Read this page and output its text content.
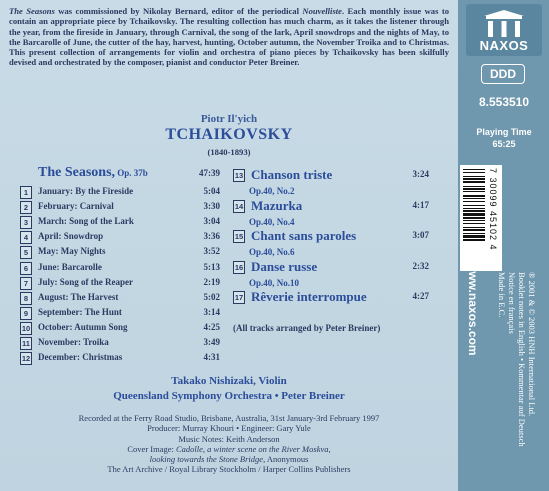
The Seasons was commissioned by Nikolay Bernard, editor of the periodical Nouvelliste. Each monthly issue was to contain an appropriate piece by Tchaikovsky. The resulting collection has much charm, as it takes the listener through the year, from the fireside in January, through Carnival, the song of the lark, April snowdrops and the nights of May, to the Barcarolle of June, the cutter of the hay, harvest, hunting, October autumn, the November Troika and to Christmas. This present collection of arrangements for violin and orchestra of piano pieces by Tchaikovsky has been skilfully devised and orchestrated by the composer, pianist and conductor Peter Breiner.
Piotr Il'yich
TCHAIKOVSKY
(1840-1893)
The Seasons, Op. 37b	47:39
1	January: By the Fireside	5:04
2	February: Carnival	3:30
3	March: Song of the Lark	3:04
4	April: Snowdrop	3:36
5	May: May Nights	3:52
6	June: Barcarolle	5:13
7	July: Song of the Reaper	2:19
8	August: The Harvest	5:02
9	September: The Hunt	3:14
10 October: Autumn Song	4:25
11 November: Troika	3:49
12 December: Christmas	4:31
13 Chanson triste	3:24
Op.40, No.2
14 Mazurka	4:17
Op.40, No.4
15 Chant sans paroles	3:07
Op.40, No.6
16 Danse russe	2:32
Op.40, No.10
17 Rêverie interrompue	4:27
(All tracks arranged by Peter Breiner)
Takako Nishizaki, Violin
Queensland Symphony Orchestra • Peter Breiner
Recorded at the Ferry Road Studio, Brisbane, Australia, 31st January-3rd February 1997
Producer: Murray Khouri • Engineer: Gary Yule
Music Notes: Keith Anderson
Cover Image: Cadolle, a winter scene on the River Moskva,
looking towards the Stone Bridge, Anonymous
The Art Archive / Royal Library Stockholm / Harper Collins Publishers
NAXOS
DDD
8.553510
Playing Time
65:25
7 30099 45102 4
www.naxos.com	® 2001 & © 2003 HNH International Ltd.
Booklet notes in English • Kommentar auf Deutsch
Notice en français
Made in E.C.
